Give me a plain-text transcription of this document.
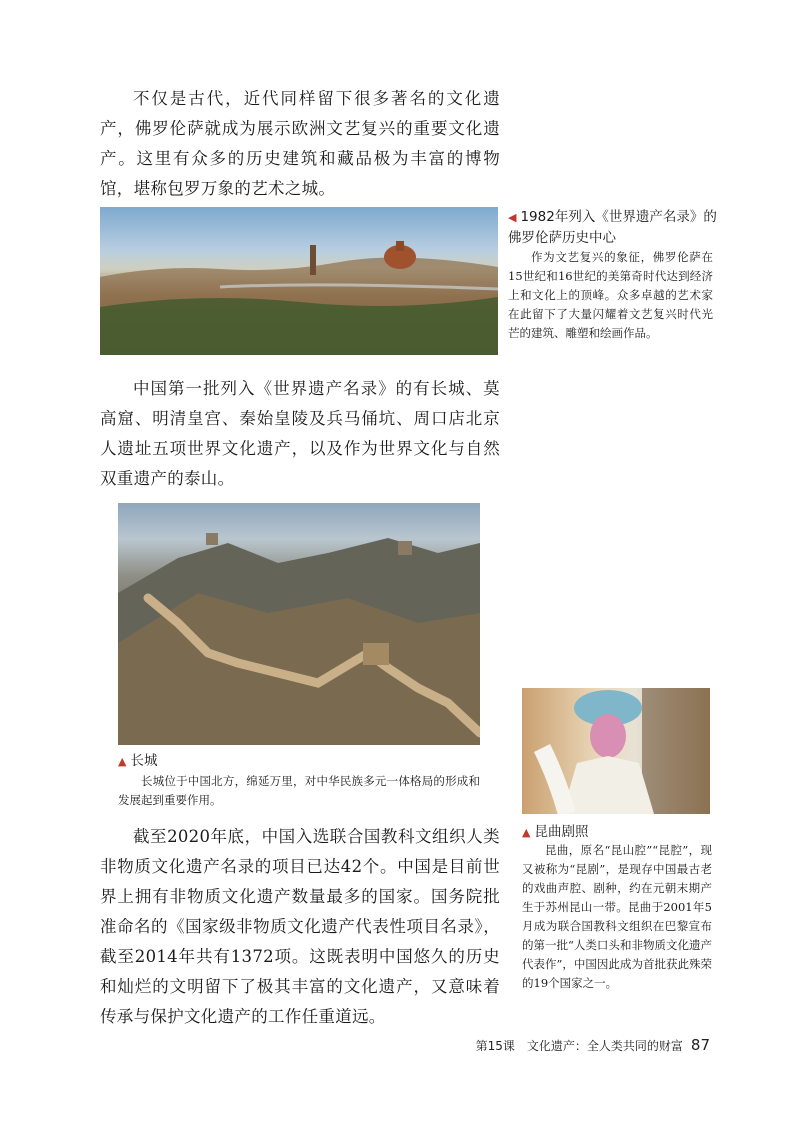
不仅是古代，近代同样留下很多著名的文化遗产，佛罗伦萨就成为展示欧洲文艺复兴的重要文化遗产。这里有众多的历史建筑和藏品极为丰富的博物馆，堪称包罗万象的艺术之城。

◀ 1982年列入《世界遗产名录》的佛罗伦萨历史中心

作为文艺复兴的象征，佛罗伦萨在15世纪和16世纪的美第奇时代达到经济上和文化上的顶峰。众多卓越的艺术家在此留下了大量闪耀着文艺复兴时代光芒的建筑、雕塑和绘画作品。

中国第一批列入《世界遗产名录》的有长城、莫高窟、明清皇宫、秦始皇陵及兵马俑坑、周口店北京人遗址五项世界文化遗产，以及作为世界文化与自然双重遗产的泰山。

▲ 长城

长城位于中国北方，绵延万里，对中华民族多元一体格局的形成和发展起到重要作用。

▲ 昆曲剧照

昆曲，原名“昆山腔”“昆腔”，现又被称为“昆剧”，是现存中国最古老的戏曲声腔、剧种，约在元朝末期产生于苏州昆山一带。昆曲于2001年5月成为联合国教科文组织在巴黎宣布的第一批“人类口头和非物质文化遗产代表作”，中国因此成为首批获此殊荣的19个国家之一。

截至2020年底，中国入选联合国教科文组织人类非物质文化遗产名录的项目已达42个。中国是目前世界上拥有非物质文化遗产数量最多的国家。国务院批准命名的《国家级非物质文化遗产代表性项目名录》，截至2014年共有1372项。这既表明中国悠久的历史和灿烂的文明留下了极其丰富的文化遗产，又意味着传承与保护文化遗产的工作任重道远。

第15课　文化遗产：全人类共同的财富 87
